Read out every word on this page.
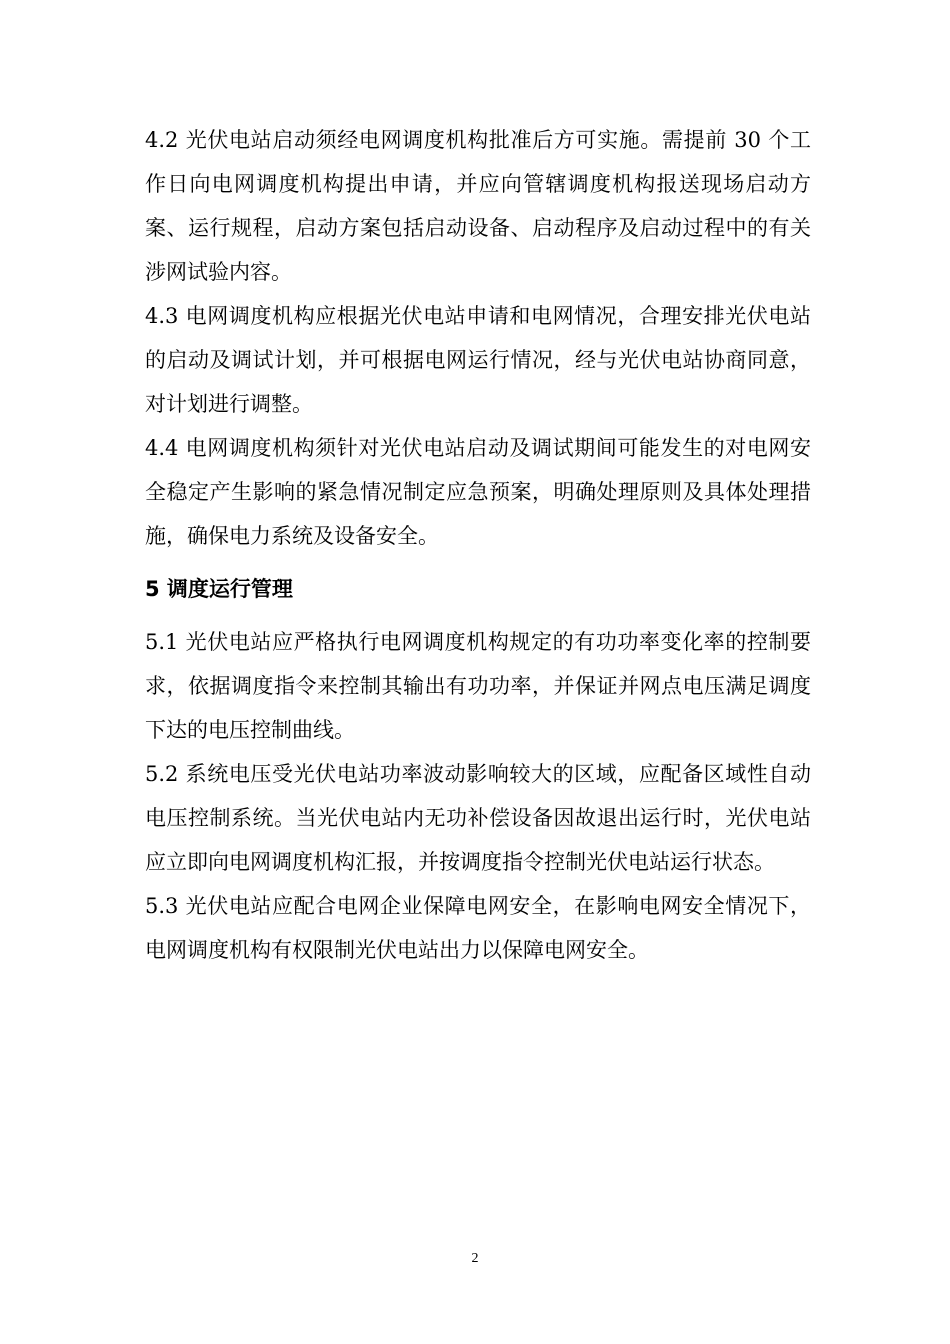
4.2 光伏电站启动须经电网调度机构批准后方可实施。需提前 30 个工作日向电网调度机构提出申请，并应向管辖调度机构报送现场启动方案、运行规程，启动方案包括启动设备、启动程序及启动过程中的有关涉网试验内容。

4.3 电网调度机构应根据光伏电站申请和电网情况，合理安排光伏电站的启动及调试计划，并可根据电网运行情况，经与光伏电站协商同意，对计划进行调整。

4.4 电网调度机构须针对光伏电站启动及调试期间可能发生的对电网安全稳定产生影响的紧急情况制定应急预案，明确处理原则及具体处理措施，确保电力系统及设备安全。

5 调度运行管理

5.1 光伏电站应严格执行电网调度机构规定的有功功率变化率的控制要求，依据调度指令来控制其输出有功功率，并保证并网点电压满足调度下达的电压控制曲线。

5.2 系统电压受光伏电站功率波动影响较大的区域，应配备区域性自动电压控制系统。当光伏电站内无功补偿设备因故退出运行时，光伏电站应立即向电网调度机构汇报，并按调度指令控制光伏电站运行状态。

5.3 光伏电站应配合电网企业保障电网安全，在影响电网安全情况下，电网调度机构有权限制光伏电站出力以保障电网安全。

2
